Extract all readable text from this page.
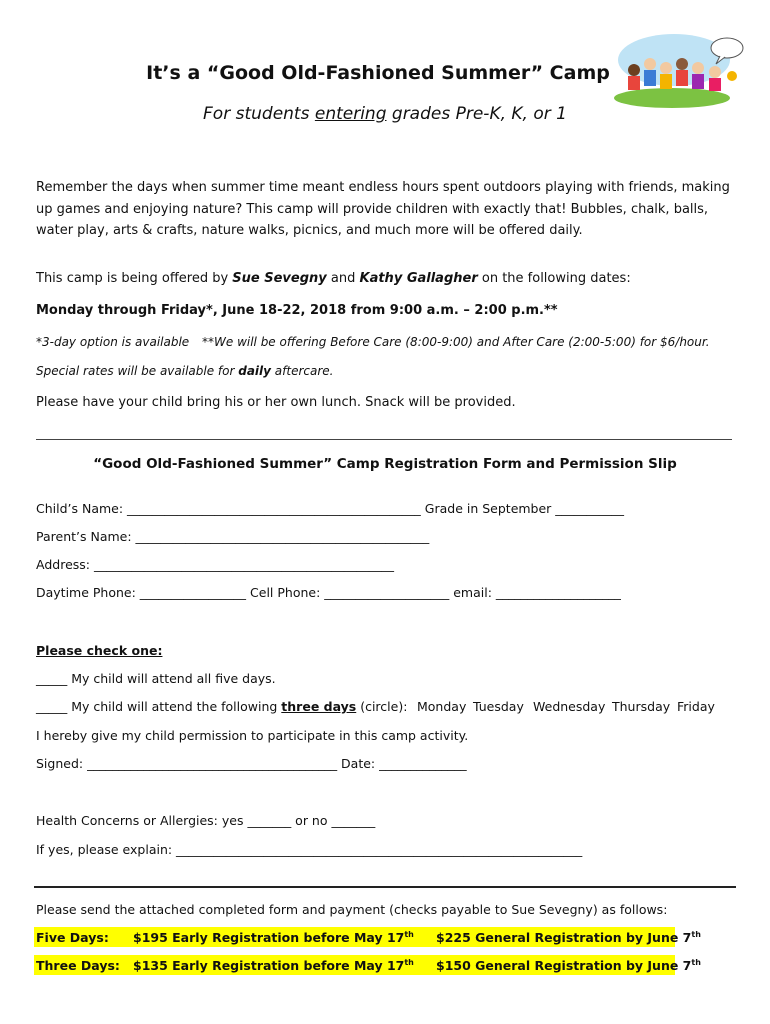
It’s a “Good Old-Fashioned Summer” Camp
For students entering grades Pre-K, K, or 1
Remember the days when summer time meant endless hours spent outdoors playing with friends, making up games and enjoying nature? This camp will provide children with exactly that! Bubbles, chalk, balls, water play, arts & crafts, nature walks, picnics, and much more will be offered daily.
This camp is being offered by Sue Sevegny and Kathy Gallagher on the following dates:
Monday through Friday*, June 18-22, 2018 from 9:00 a.m. – 2:00 p.m.**
*3-day option is available **We will be offering Before Care (8:00-9:00) and After Care (2:00-5:00) for $6/hour.
Special rates will be available for daily aftercare.
Please have your child bring his or her own lunch. Snack will be provided.
“Good Old-Fashioned Summer” Camp Registration Form and Permission Slip
Child’s Name: _______________________________________________ Grade in September ___________
Parent’s Name: _______________________________________________
Address: ________________________________________________
Daytime Phone: _________________ Cell Phone: ____________________ email: ____________________
Please check one:
_____ My child will attend all five days.
_____ My child will attend the following three days (circle): Monday Tuesday Wednesday Thursday Friday
I hereby give my child permission to participate in this camp activity.
Signed: ________________________________________ Date: ______________
Health Concerns or Allergies: yes _______ or no _______
If yes, please explain: _________________________________________________________________
Please send the attached completed form and payment (checks payable to Sue Sevegny) as follows:
Five Days: $195 Early Registration before May 17th $225 General Registration by June 7th
Three Days: $135 Early Registration before May 17th $150 General Registration by June 7th
